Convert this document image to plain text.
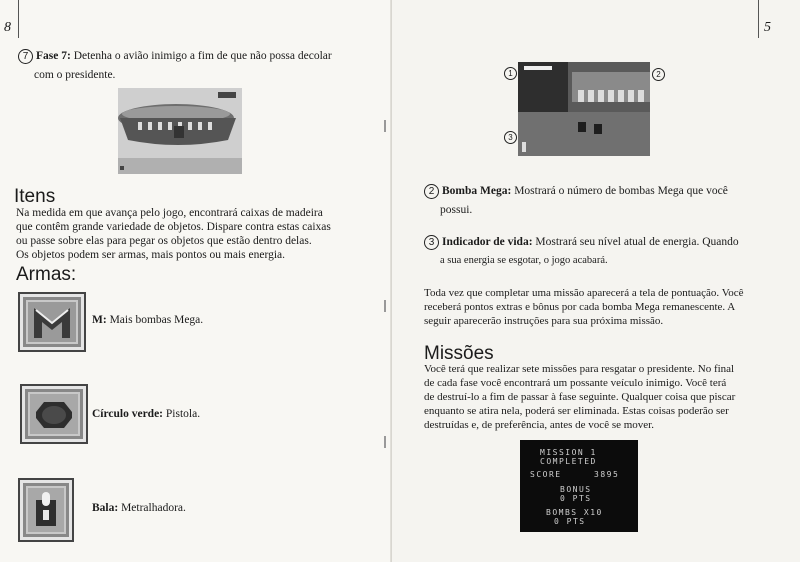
8
7 Fase 7: Detenha o avião inimigo a fim de que não possa decolar
com o presidente.
Itens
Na medida em que avança pelo jogo, encontrará caixas de madeira
que contêm grande variedade de objetos. Dispare contra estas caixas
ou passe sobre elas para pegar os objetos que estão dentro delas.
Os objetos podem ser armas, mais pontos ou mais energia.
Armas:
M: Mais bombas Mega.
Círculo verde: Pistola.
Bala: Metralhadora.
5
1	2
3
2 Bomba Mega: Mostrará o número de bombas Mega que você
possui.
3 Indicador de vida: Mostrará seu nível atual de energia. Quando
a sua energia se esgotar, o jogo acabará.
Toda vez que completar uma missão aparecerá a tela de pontuação. Você
receberá pontos extras e bônus por cada bomba Mega remanescente. A
seguir aparecerão instruções para sua próxima missão.
Missões
Você terá que realizar sete missões para resgatar o presidente. No final
de cada fase você encontrará um possante veículo inimigo. Você terá
de destruí-lo a fim de passar à fase seguinte. Qualquer coisa que piscar
enquanto se atira nela, poderá ser eliminada. Estas coisas poderão ser
destruídas e, de preferência, antes de você se mover.
MISSION 1
COMPLETED
SCORE	3895
BONUS
0 PTS
BOMBS X10
0 PTS
